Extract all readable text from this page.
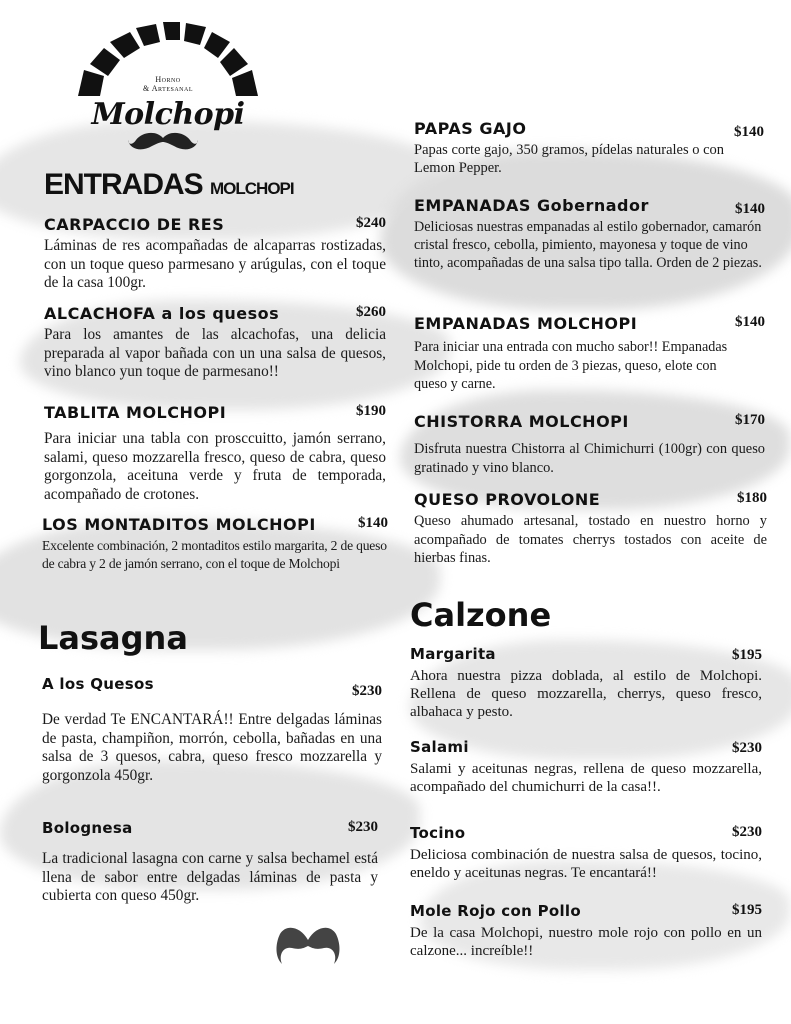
Horno
& Artesanal
Molchopi
ENTRADAS MOLCHOPI
CARPACCIO DE RES	$240
Láminas de res acompañadas de alcaparras rostizadas, con un toque queso parmesano y arúgulas, con el toque de la casa 100gr.
ALCACHOFA a los quesos	$260
Para los amantes de las alcachofas, una delicia preparada al vapor bañada con un una salsa de quesos, vino blanco yun toque de parmesano!!
TABLITA MOLCHOPI	$190
Para iniciar una tabla con prosccuitto, jamón serrano, salami, queso mozzarella fresco, queso de cabra, queso gorgonzola, aceituna verde y fruta de temporada, acompañado de crotones.
LOS MONTADITOS MOLCHOPI	$140
Excelente combinación, 2 montaditos estilo margarita, 2 de queso de cabra y 2 de jamón serrano, con el toque de Molchopi
PAPAS GAJO	$140
Papas corte gajo, 350 gramos, pídelas naturales o con Lemon Pepper.
EMPANADAS Gobernador	$140
Deliciosas nuestras empanadas al estilo gobernador, camarón cristal fresco, cebolla, pimiento, mayonesa y toque de vino tinto, acompañadas de una salsa tipo talla. Orden de 2 piezas.
EMPANADAS MOLCHOPI	$140
Para iniciar una entrada con mucho sabor!! Empanadas Molchopi, pide tu orden de 3 piezas, queso, elote con queso y carne.
CHISTORRA MOLCHOPI	$170
Disfruta nuestra Chistorra al Chimichurri (100gr) con queso gratinado y vino blanco.
QUESO PROVOLONE	$180
Queso ahumado artesanal, tostado en nuestro horno y acompañado de tomates cherrys tostados con aceite de hierbas finas.
Lasagna
A los Quesos	$230
De verdad Te ENCANTARÁ!! Entre delgadas láminas de pasta, champiñon, morrón, cebolla, bañadas en una salsa de 3 quesos, cabra, queso fresco mozzarella y gorgonzola 450gr.
Bolognesa	$230
La tradicional lasagna con carne y salsa bechamel está llena de sabor entre delgadas láminas de pasta y cubierta con queso 450gr.
Calzone
Margarita	$195
Ahora nuestra pizza doblada, al estilo de Molchopi. Rellena de queso mozzarella, cherrys, queso fresco, albahaca y pesto.
Salami	$230
Salami y aceitunas negras, rellena de queso mozzarella, acompañado del chumichurri de la casa!!.
Tocino	$230
Deliciosa combinación de nuestra salsa de quesos, tocino, eneldo y aceitunas negras. Te encantará!!
Mole Rojo con Pollo	$195
De la casa Molchopi, nuestro mole rojo con pollo en un calzone... increíble!!
